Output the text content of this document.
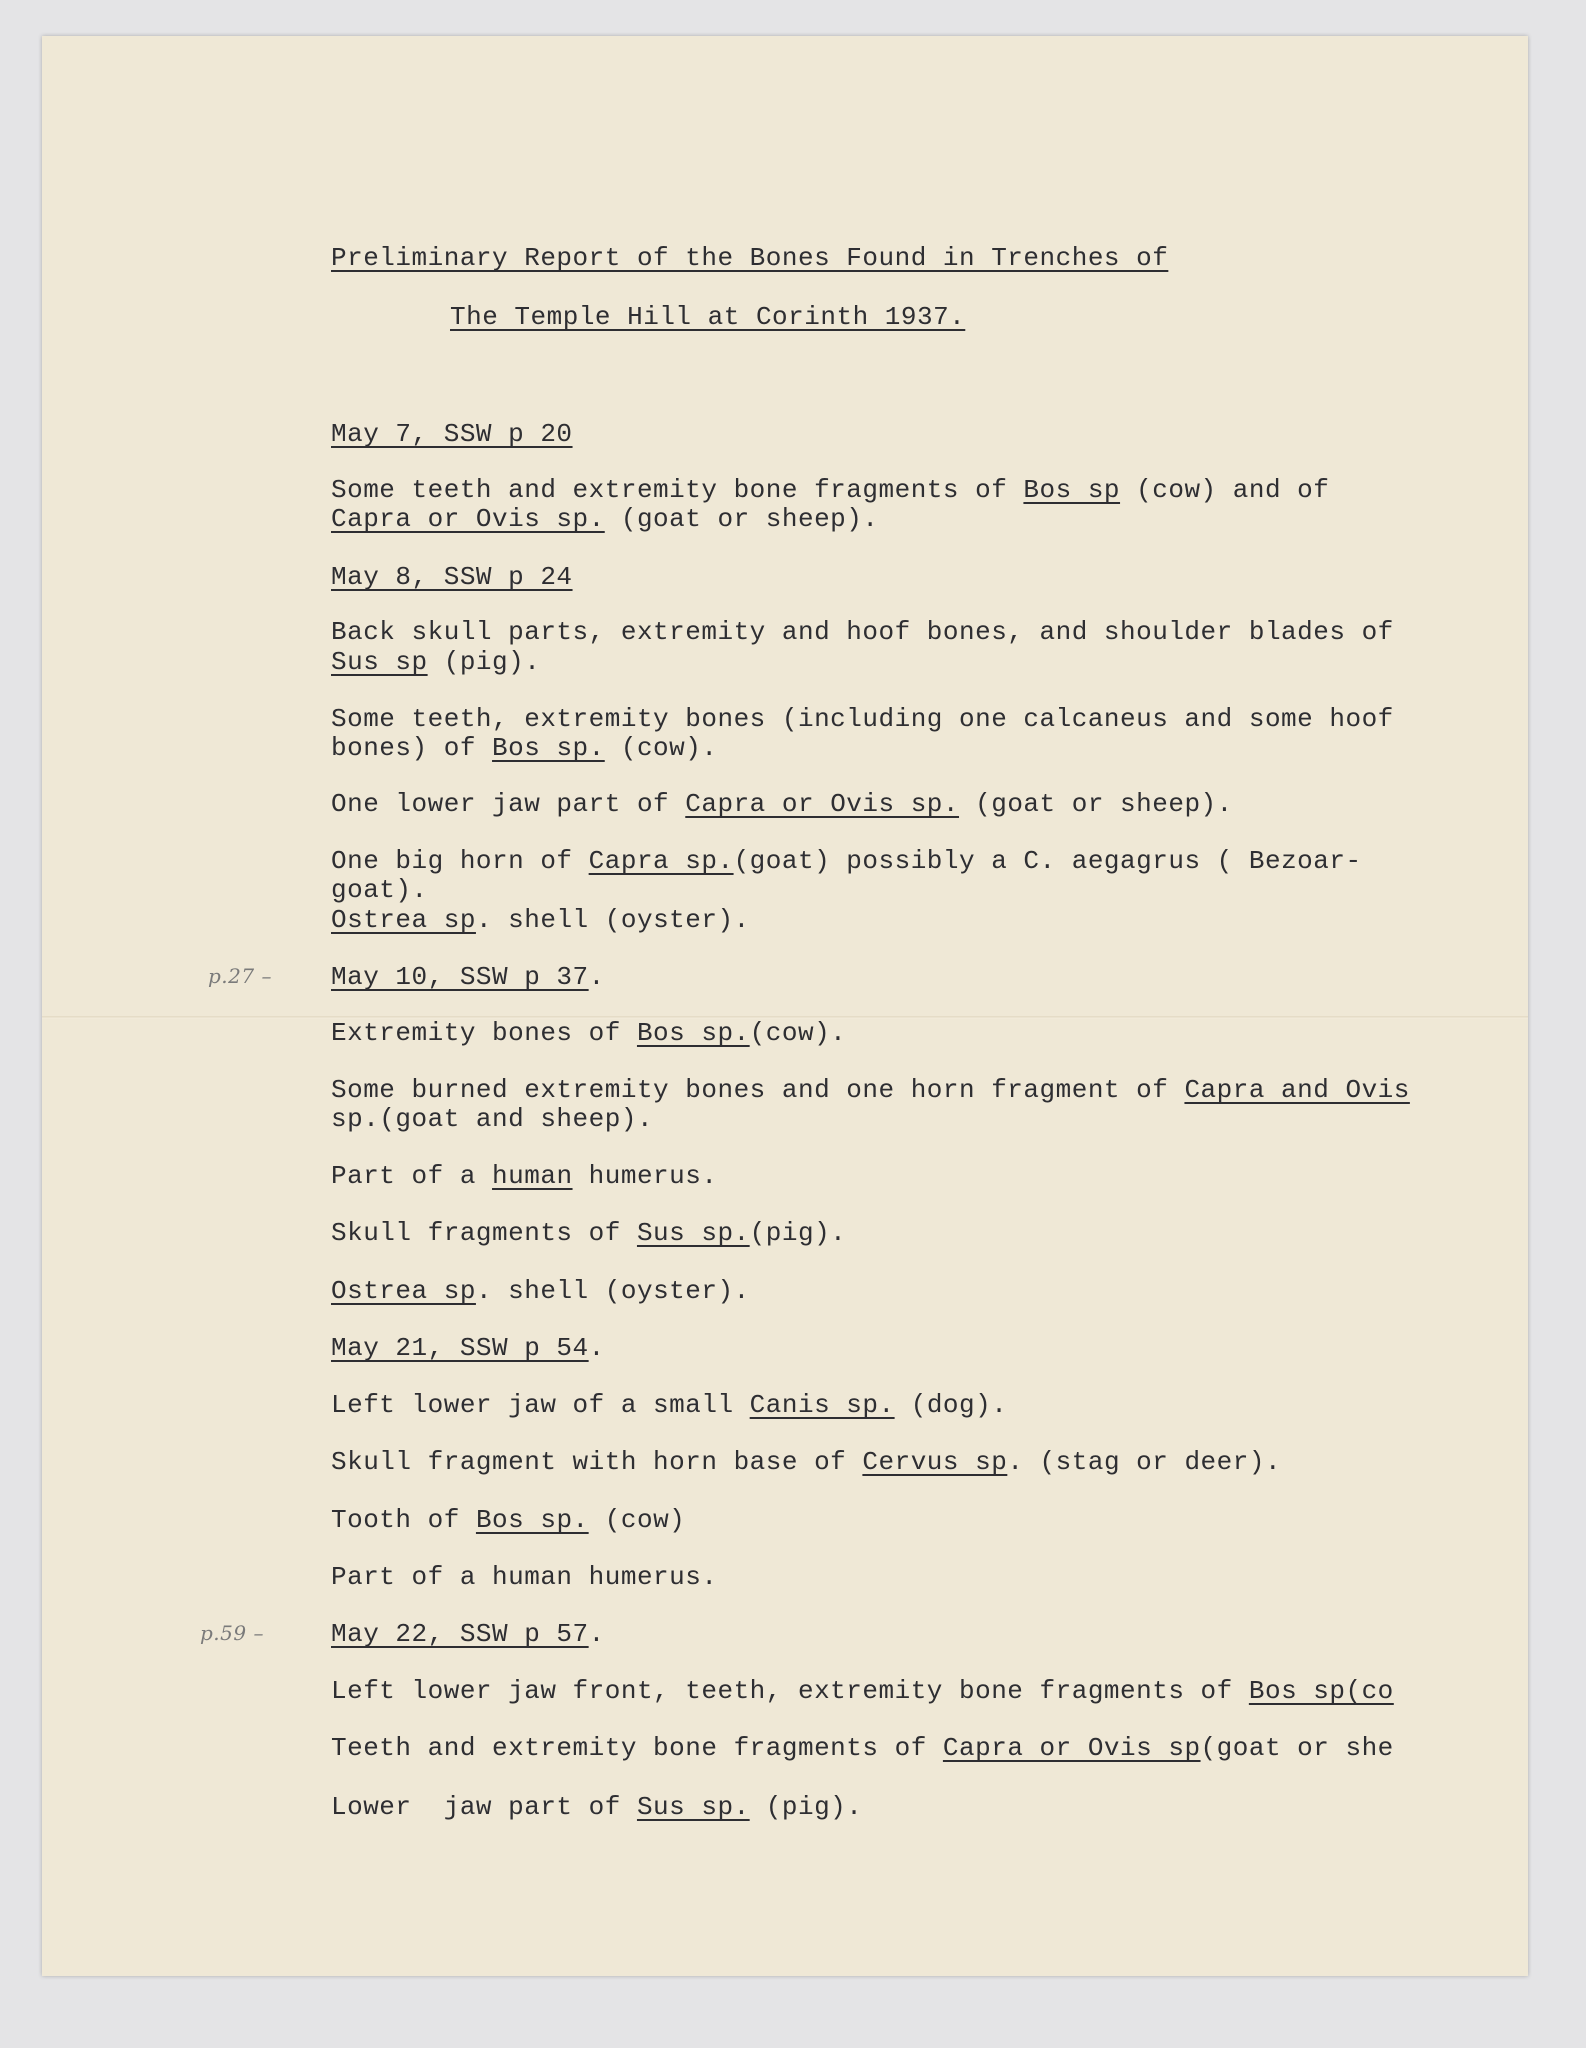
Preliminary Report of the Bones Found in Trenches of
The Temple Hill at Corinth 1937.
May 7, SSW p 20
Some teeth and extremity bone fragments of Bos sp (cow) and of
Capra or Ovis sp. (goat or sheep).
May 8, SSW p 24
Back skull parts, extremity and hoof bones, and shoulder blades of
Sus sp (pig).
Some teeth, extremity bones (including one calcaneus and some hoof
bones) of Bos sp. (cow).
One lower jaw part of Capra or Ovis sp. (goat or sheep).
One big horn of Capra sp.(goat) possibly a C. aegagrus ( Bezoar-
goat).
Ostrea sp. shell (oyster).
p.27 – May 10, SSW p 37.
Extremity bones of Bos sp.(cow).
Some burned extremity bones and one horn fragment of Capra and Ovis
sp.(goat and sheep).
Part of a human humerus.
Skull fragments of Sus sp.(pig).
Ostrea sp. shell (oyster).
May 21, SSW p 54.
Left lower jaw of a small Canis sp. (dog).
Skull fragment with horn base of Cervus sp. (stag or deer).
Tooth of Bos sp. (cow)
Part of a human humerus.
p.59 –	May 22, SSW p 57.
Left lower jaw front, teeth, extremity bone fragments of Bos sp(co
Teeth and extremity bone fragments of Capra or Ovis sp(goat or she
Lower  jaw part of Sus sp. (pig).
